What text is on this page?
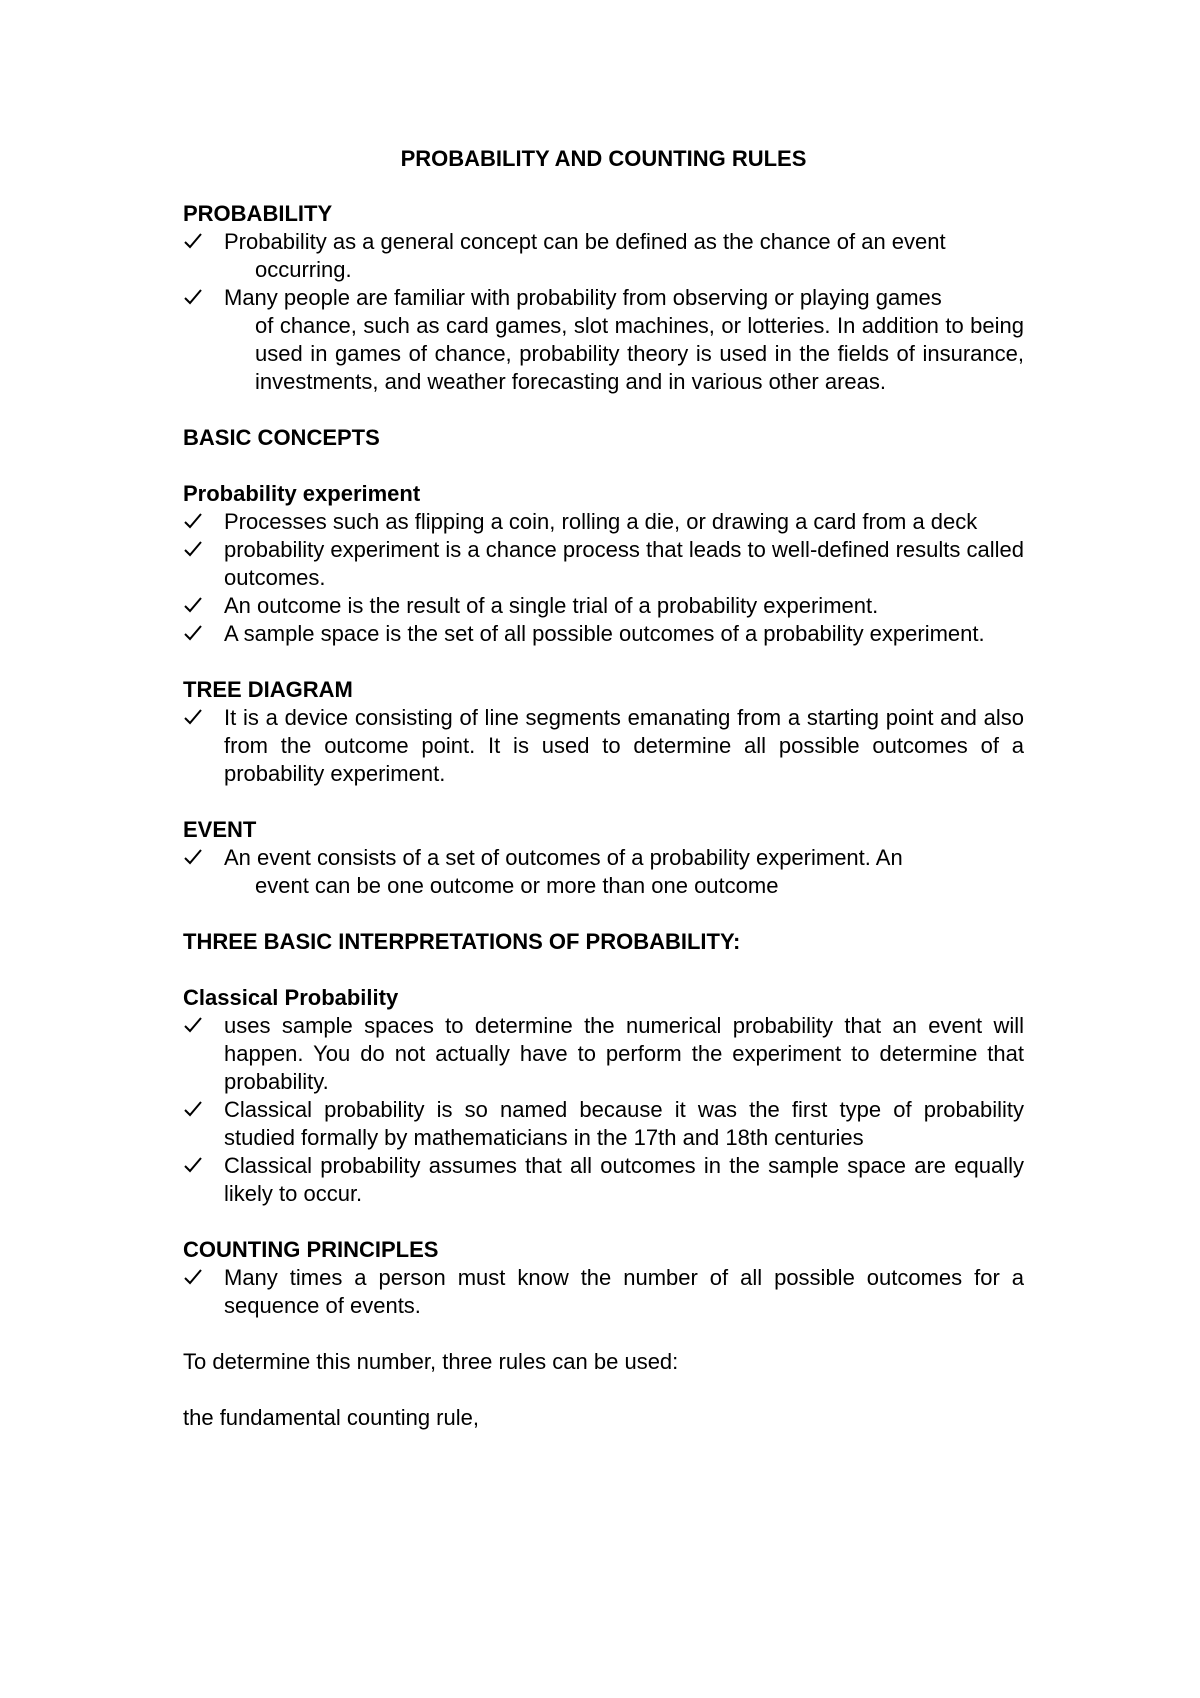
PROBABILITY AND COUNTING RULES
PROBABILITY
Probability as a general concept can be defined as the chance of an event
occurring.
Many people are familiar with probability from observing or playing games
of chance, such as card games, slot machines, or lotteries. In addition to being used in games of chance, probability theory is used in the fields of insurance, investments, and weather forecasting and in various other areas.
BASIC CONCEPTS
Probability experiment
Processes such as flipping a coin, rolling a die, or drawing a card from a deck
probability experiment is a chance process that leads to well-defined results called outcomes.
An outcome is the result of a single trial of a probability experiment.
A sample space is the set of all possible outcomes of a probability experiment.
TREE DIAGRAM
It is a device consisting of line segments emanating from a starting point and also from the outcome point. It is used to determine all possible outcomes of a probability experiment.
EVENT
An event consists of a set of outcomes of a probability experiment. An
event can be one outcome or more than one outcome
THREE BASIC INTERPRETATIONS OF PROBABILITY:
Classical Probability
uses sample spaces to determine the numerical probability that an event will happen. You do not actually have to perform the experiment to determine that probability.
Classical probability is so named because it was the first type of probability studied formally by mathematicians in the 17th and 18th centuries
Classical probability assumes that all outcomes in the sample space are equally likely to occur.
COUNTING PRINCIPLES
Many times a person must know the number of all possible outcomes for a sequence of events.

To determine this number, three rules can be used:

the fundamental counting rule,
